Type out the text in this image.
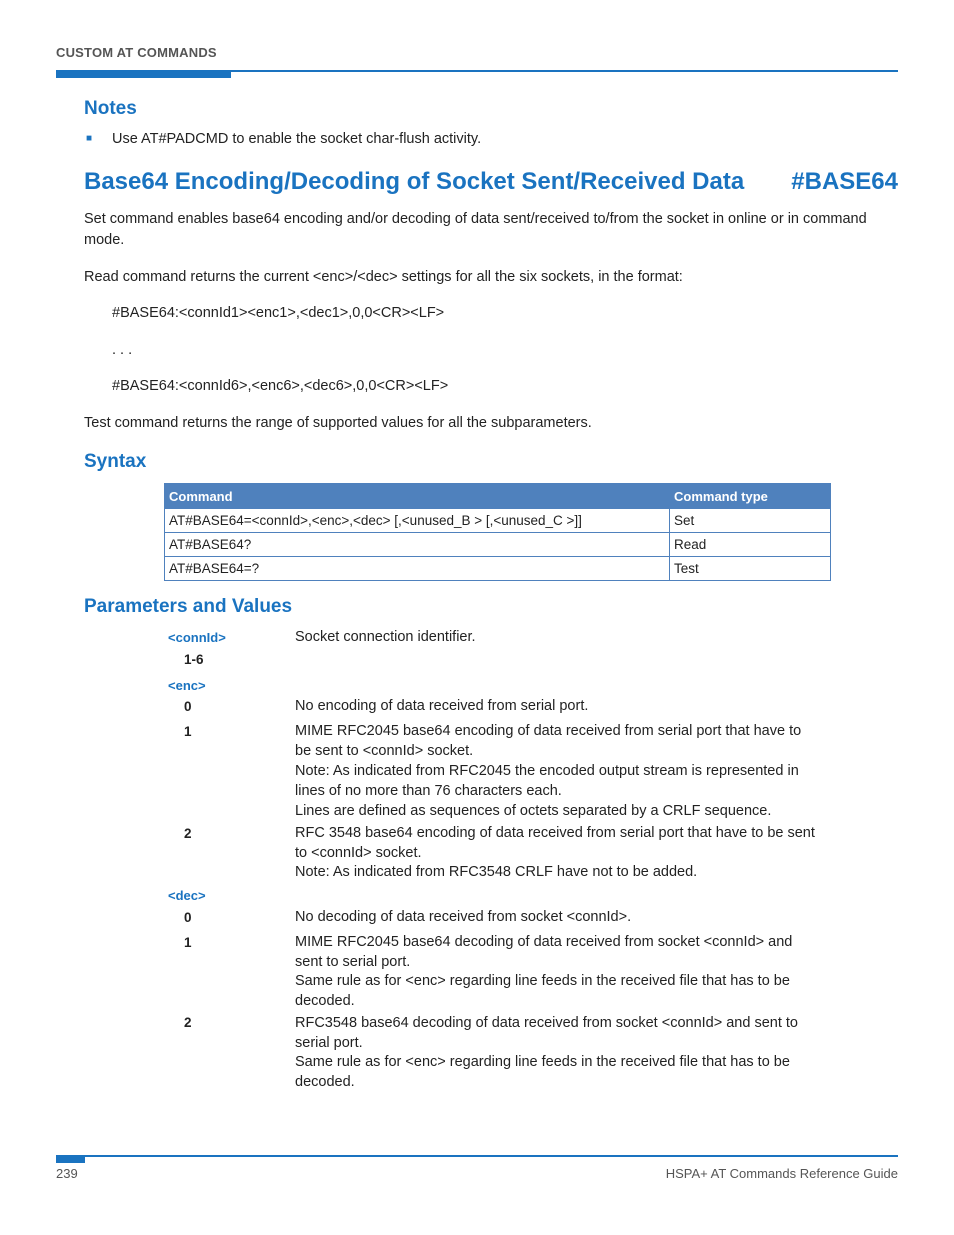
CUSTOM AT COMMANDS
Notes
■ Use AT#PADCMD to enable the socket char-flush activity.
Base64 Encoding/Decoding of Socket Sent/Received Data #BASE64
Set command enables base64 encoding and/or decoding of data sent/received to/from the socket in online or in command mode.
Read command returns the current <enc>/<dec> settings for all the six sockets, in the format:
#BASE64:<connId1><enc1>,<dec1>,0,0<CR><LF>
. . .
#BASE64:<connId6>,<enc6>,<dec6>,0,0<CR><LF>
Test command returns the range of supported values for all the subparameters.
Syntax
Command	Command type
AT#BASE64=<connId>,<enc>,<dec> [,<unused_B > [,<unused_C >]]	Set
AT#BASE64?	Read
AT#BASE64=?	Test
Parameters and Values
<connId>	Socket connection identifier.
1-6
<enc>
0	No encoding of data received from serial port.
1	MIME RFC2045 base64 encoding of data received from serial port that have to be sent to <connId> socket.
Note: As indicated from RFC2045 the encoded output stream is represented in lines of no more than 76 characters each.
Lines are defined as sequences of octets separated by a CRLF sequence.
2	RFC 3548 base64 encoding of data received from serial port that have to be sent to <connId> socket.
Note: As indicated from RFC3548 CRLF have not to be added.
<dec>
0	No decoding of data received from socket <connId>.
1	MIME RFC2045 base64 decoding of data received from socket <connId> and sent to serial port.
Same rule as for <enc> regarding line feeds in the received file that has to be decoded.
2	RFC3548 base64 decoding of data received from socket <connId> and sent to serial port.
Same rule as for <enc> regarding line feeds in the received file that has to be decoded.
239	HSPA+ AT Commands Reference Guide
